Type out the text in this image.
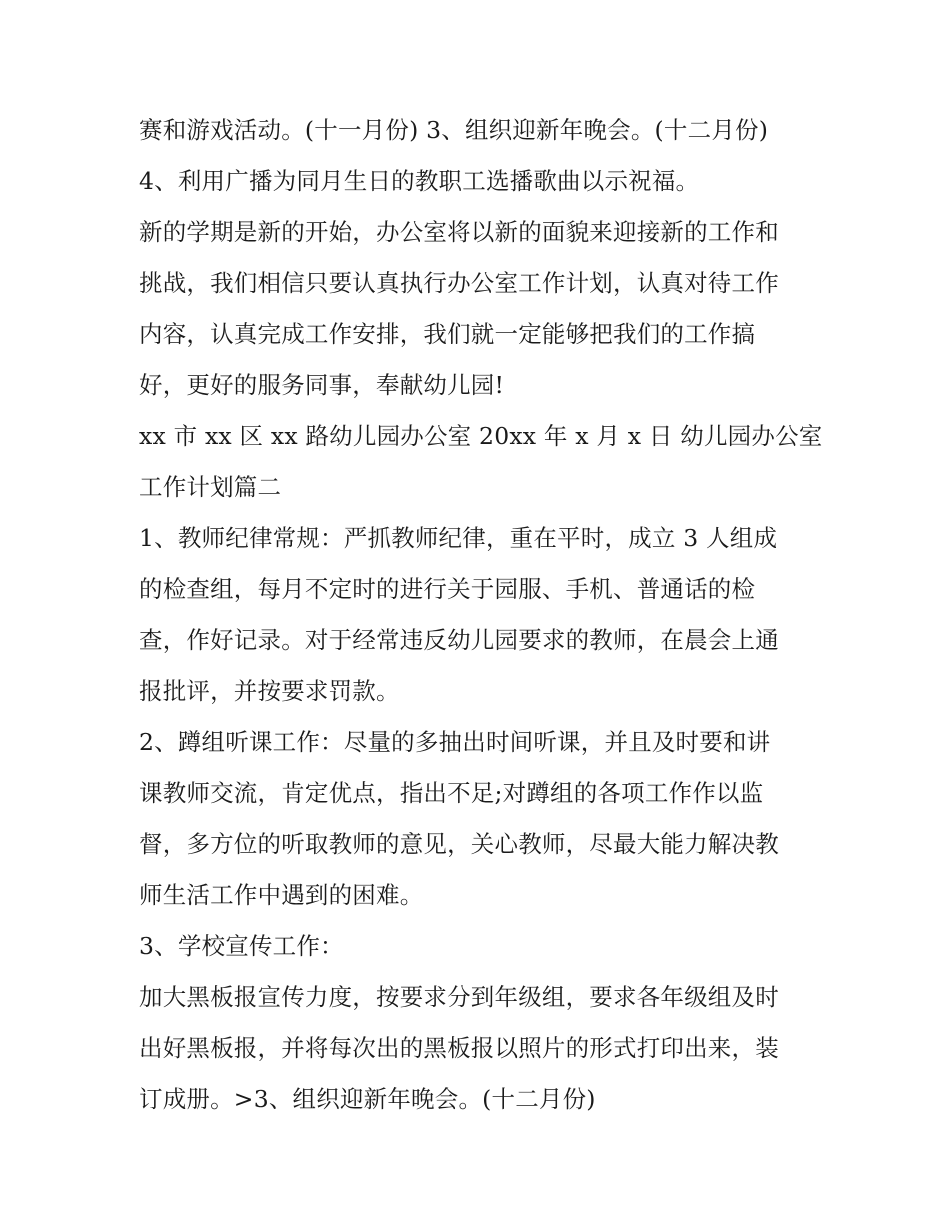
赛和游戏活动。(十一月份) 3、组织迎新年晚会。(十二月份)
4、利用广播为同月生日的教职工选播歌曲以示祝福。
新的学期是新的开始，办公室将以新的面貌来迎接新的工作和
挑战，我们相信只要认真执行办公室工作计划，认真对待工作
内容，认真完成工作安排，我们就一定能够把我们的工作搞
好，更好的服务同事，奉献幼儿园!
xx 市 xx 区 xx 路幼儿园办公室 20xx 年 x 月 x 日 幼儿园办公室
工作计划篇二
1、教师纪律常规：严抓教师纪律，重在平时，成立 3 人组成
的检查组，每月不定时的进行关于园服、手机、普通话的检
查，作好记录。对于经常违反幼儿园要求的教师，在晨会上通
报批评，并按要求罚款。
2、蹲组听课工作：尽量的多抽出时间听课，并且及时要和讲
课教师交流，肯定优点，指出不足;对蹲组的各项工作作以监
督，多方位的听取教师的意见，关心教师，尽最大能力解决教
师生活工作中遇到的困难。
3、学校宣传工作：
加大黑板报宣传力度，按要求分到年级组，要求各年级组及时
出好黑板报，并将每次出的黑板报以照片的形式打印出来，装
订成册。>3、组织迎新年晚会。(十二月份)
